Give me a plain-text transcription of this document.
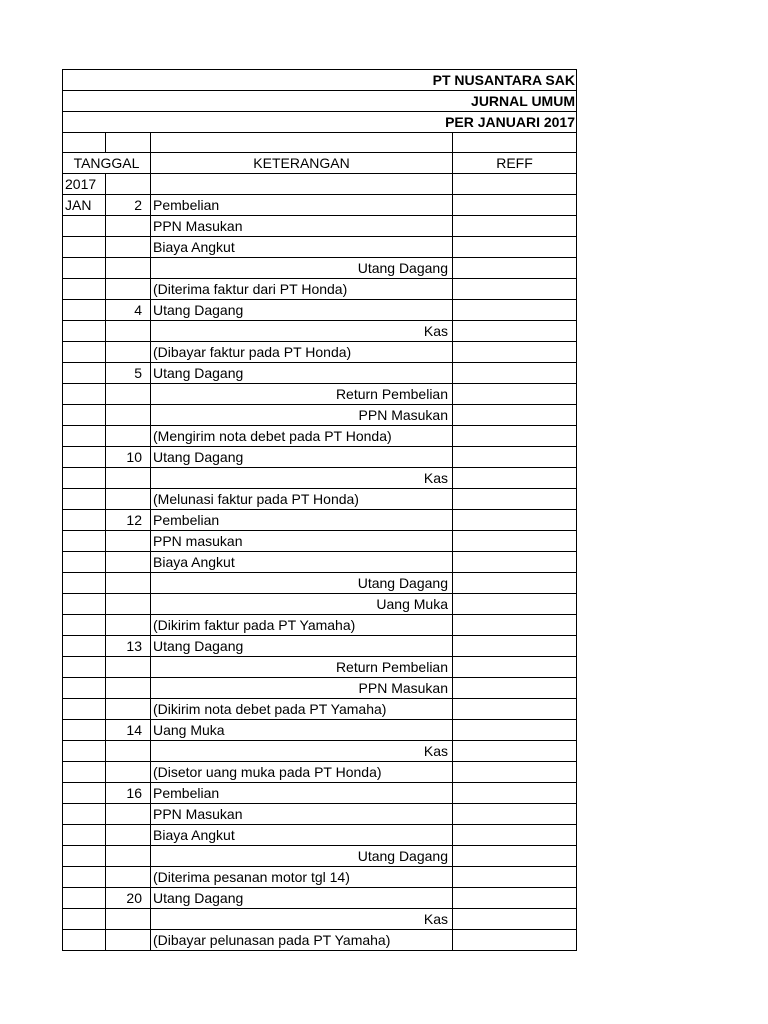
PT NUSANTARA SAK			
JURNAL UMUM			
PER JANUARI 2017			

TANGGAL		KETERANGAN	REFF
2017			
JAN	2	Pembelian	
		PPN Masukan	
		Biaya Angkut	
		Utang Dagang	
		(Diterima faktur dari PT Honda)	
	4	Utang Dagang	
		Kas	
		(Dibayar faktur pada PT Honda)	
	5	Utang Dagang	
		Return Pembelian	
		PPN Masukan	
		(Mengirim nota debet pada PT Honda)	
	10	Utang Dagang	
		Kas	
		(Melunasi faktur pada PT Honda)	
	12	Pembelian	
		PPN masukan	
		Biaya Angkut	
		Utang Dagang	
		Uang Muka	
		(Dikirim faktur pada PT Yamaha)	
	13	Utang Dagang	
		Return Pembelian	
		PPN Masukan	
		(Dikirim nota debet pada PT Yamaha)	
	14	Uang Muka	
		Kas	
		(Disetor uang muka pada PT Honda)	
	16	Pembelian	
		PPN Masukan	
		Biaya Angkut	
		Utang Dagang	
		(Diterima pesanan motor tgl 14)	
	20	Utang Dagang	
		Kas	
		(Dibayar pelunasan pada PT Yamaha)	
